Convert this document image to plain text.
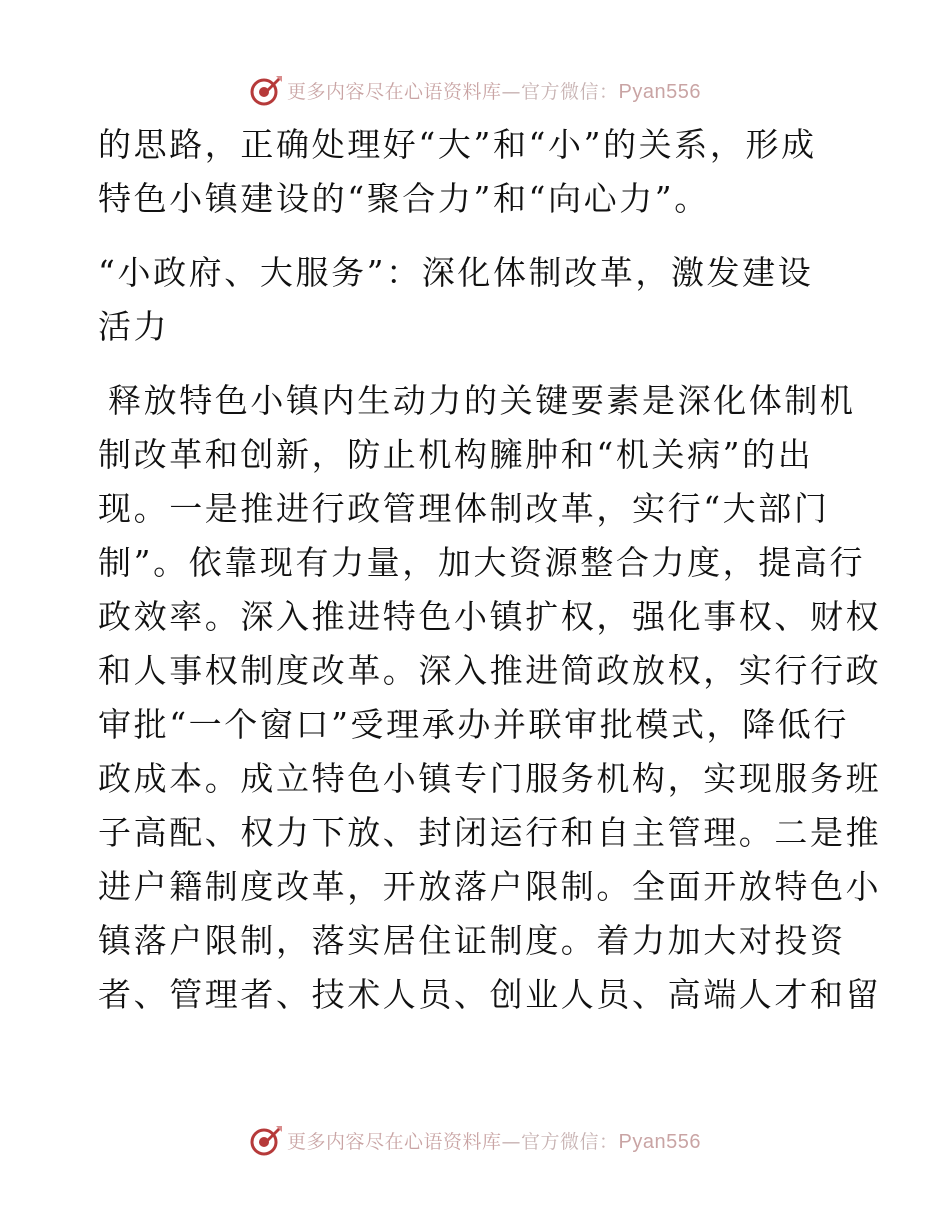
更多内容尽在心语资料库—官方微信：Pyan556
的思路，正确处理好“大”和“小”的关系，形成
特色小镇建设的“聚合力”和“向心力”。
“小政府、大服务”：深化体制改革，激发建设
活力
释放特色小镇内生动力的关键要素是深化体制机
制改革和创新，防止机构臃肿和“机关病”的出
现。一是推进行政管理体制改革，实行“大部门
制”。依靠现有力量，加大资源整合力度，提高行
政效率。深入推进特色小镇扩权，强化事权、财权
和人事权制度改革。深入推进简政放权，实行行政
审批“一个窗口”受理承办并联审批模式，降低行
政成本。成立特色小镇专门服务机构，实现服务班
子高配、权力下放、封闭运行和自主管理。二是推
进户籍制度改革，开放落户限制。全面开放特色小
镇落户限制，落实居住证制度。着力加大对投资
者、管理者、技术人员、创业人员、高端人才和留
更多内容尽在心语资料库—官方微信：Pyan556
